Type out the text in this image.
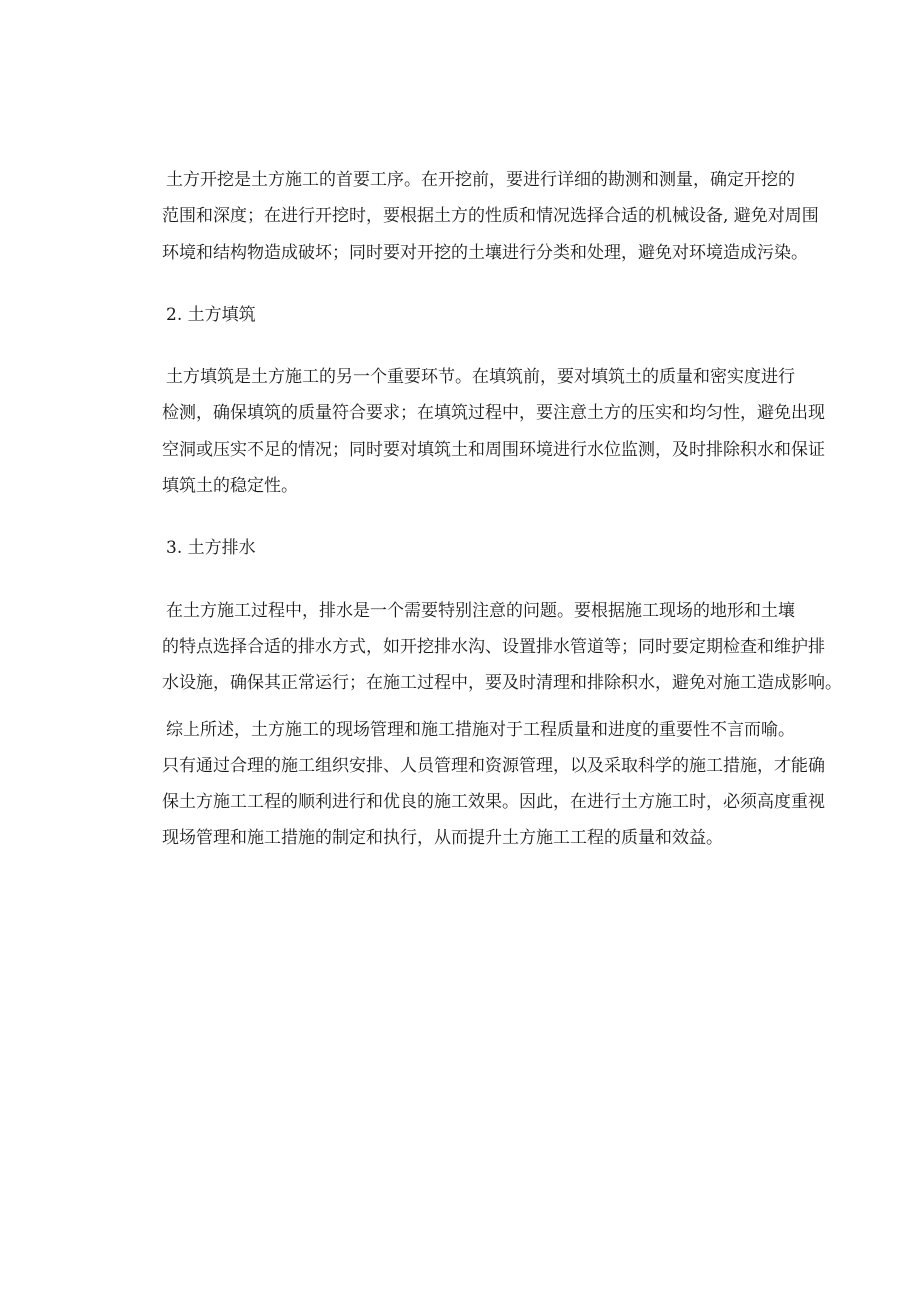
土方开挖是土方施工的首要工序。在开挖前，要进行详细的勘测和测量，确定开挖的
范围和深度；在进行开挖时，要根据土方的性质和情况选择合适的机械设备, 避免对周围
环境和结构物造成破坏；同时要对开挖的土壤进行分类和处理，避免对环境造成污染。

2. 土方填筑

土方填筑是土方施工的另一个重要环节。在填筑前，要对填筑土的质量和密实度进行
检测，确保填筑的质量符合要求；在填筑过程中，要注意土方的压实和均匀性，避免出现
空洞或压实不足的情况；同时要对填筑土和周围环境进行水位监测，及时排除积水和保证
填筑土的稳定性。

3. 土方排水

在土方施工过程中，排水是一个需要特别注意的问题。要根据施工现场的地形和土壤
的特点选择合适的排水方式，如开挖排水沟、设置排水管道等；同时要定期检查和维护排
水设施，确保其正常运行；在施工过程中，要及时清理和排除积水，避免对施工造成影响。

综上所述，土方施工的现场管理和施工措施对于工程质量和进度的重要性不言而喻。
只有通过合理的施工组织安排、人员管理和资源管理，以及采取科学的施工措施，才能确
保土方施工工程的顺利进行和优良的施工效果。因此，在进行土方施工时，必须高度重视
现场管理和施工措施的制定和执行，从而提升土方施工工程的质量和效益。
